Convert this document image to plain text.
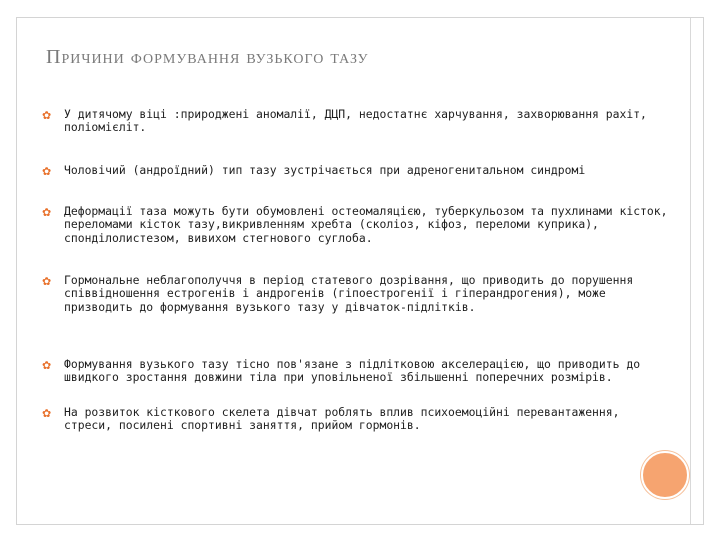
Причини формування вузького тазу
✿ У дитячому віці :природжені аномалії, ДЦП, недостатнє харчування, захворювання рахіт, поліомієліт.
✿ Чоловічий (андроїдний) тип тазу зустрічається при адреногенитальном синдромі
✿ Деформації таза можуть бути обумовлені остеомаляцією, туберкульозом та пухлинами кісток, переломами кісток тазу,викривленням хребта (сколіоз, кіфоз, переломи куприка), спонділолистезом, вивихом стегнового суглоба.
✿ Гормональне неблагополуччя в період статевого дозрівання, що приводить до порушення співвідношення естрогенів і андрогенів (гіпоестрогенії і гіперандрогения), може призводить до формування вузького тазу у дівчаток-підлітків.
✿ Формування вузького тазу тісно пов'язане з підлітковою акселерацією, що приводить до швидкого зростання довжини тіла при уповільненої збільшенні поперечних розмірів.
✿ На розвиток кісткового скелета дівчат роблять вплив психоемоційні перевантаження, стреси, посилені спортивні заняття, прийом гормонів.
